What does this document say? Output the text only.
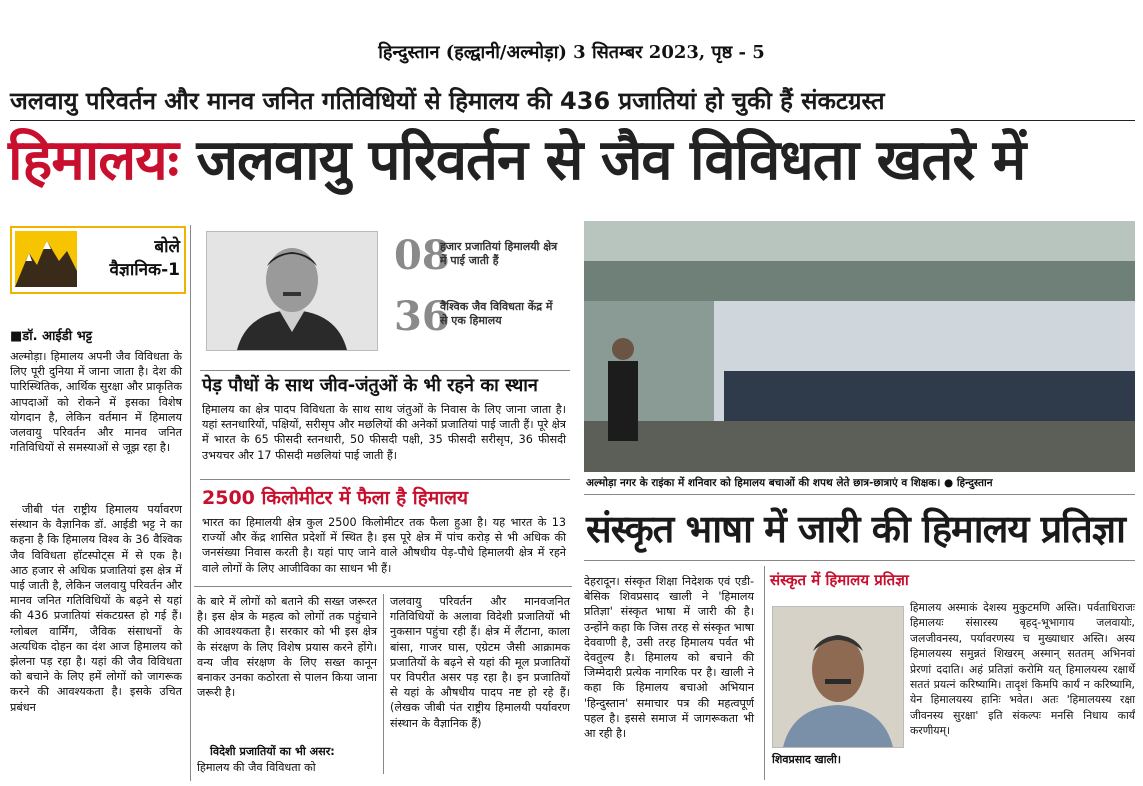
हिन्दुस्तान (हल्द्वानी/अल्मोड़ा) 3 सितम्बर 2023, पृष्ठ - 5
जलवायु परिवर्तन और मानव जनित गतिविधियों से हिमालय की 436 प्रजातियां हो चुकी हैं संकटग्रस्त
हिमालयः जलवायु परिवर्तन से जैव विविधता खतरे में
बोले
वैज्ञानिक-1
■डॉ. आईडी भट्ट
अल्मोड़ा। हिमालय अपनी जैव विविधता के लिए पूरी दुनिया में जाना जाता है। देश की पारिस्थितिक, आर्थिक सुरक्षा और प्राकृतिक आपदाओं को रोकने में इसका विशेष योगदान है, लेकिन वर्तमान में हिमालय जलवायु परिवर्तन और मानव जनित गतिविधियों से समस्याओं से जूझ रहा है।
जीबी पंत राष्ट्रीय हिमालय पर्यावरण संस्थान के वैज्ञानिक डॉ. आईडी भट्ट ने का कहना है कि हिमालय विश्व के 36 वैश्विक जैव विविधता हॉटस्पोट्स में से एक है। आठ हजार से अधिक प्रजातियां इस क्षेत्र में पाई जाती है, लेकिन जलवायु परिवर्तन और मानव जनित गतिविधियों के बढ़ने से यहां की 436 प्रजातियां संकटग्रस्त हो गई हैं। ग्लोबल वार्मिंग, जैविक संसाधनों के अत्यधिक दोहन का दंश आज हिमालय को झेलना पड़ रहा है। यहां की जैव विविधता को बचाने के लिए हमें लोगों को जागरूक करने की आवश्यकता है। इसके उचित प्रबंधन
08
हजार प्रजातियां हिमालयी क्षेत्र में पाई जाती हैं
36
वैश्विक जैव विविधता केंद्र में से एक हिमालय
पेड़ पौधों के साथ जीव-जंतुओं के भी रहने का स्थान
हिमालय का क्षेत्र पादप विविधता के साथ साथ जंतुओं के निवास के लिए जाना जाता है। यहां स्तनधारियों, पक्षियों, सरीसृप और मछलियों की अनेकों प्रजातियां पाई जाती हैं। पूरे क्षेत्र में भारत के 65 फीसदी स्तनधारी, 50 फीसदी पक्षी, 35 फीसदी सरीसृप, 36 फीसदी उभयचर और 17 फीसदी मछलियां पाई जाती हैं।
2500 किलोमीटर में फैला है हिमालय
भारत का हिमालयी क्षेत्र कुल 2500 किलोमीटर तक फैला हुआ है। यह भारत के 13 राज्यों और केंद्र शासित प्रदेशों में स्थित है। इस पूरे क्षेत्र में पांच करोड़ से भी अधिक की जनसंख्या निवास करती है। यहां पाए जाने वाले औषधीय पेड़-पौधे हिमालयी क्षेत्र में रहने वाले लोगों के लिए आजीविका का साधन भी हैं।
के बारे में लोगों को बताने की सख्त जरूरत है। इस क्षेत्र के महत्व को लोगों तक पहुंचाने की आवश्यकता है। सरकार को भी इस क्षेत्र के संरक्षण के लिए विशेष प्रयास करने होंगे। वन्य जीव संरक्षण के लिए सख्त कानून बनाकर उनका कठोरता से पालन किया जाना जरूरी है।
विदेशी प्रजातियों का भी असर:
हिमालय की जैव विविधता को
जलवायु परिवर्तन और मानवजनित गतिविधियों के अलावा विदेशी प्रजातियों भी नुकसान पहुंचा रही हैं। क्षेत्र में लैंटाना, काला बांसा, गाजर घास, एग्रेटम जैसी आक्रामक प्रजातियों के बढ़ने से यहां की मूल प्रजातियों पर विपरीत असर पड़ रहा है। इन प्रजातियों से यहां के औषधीय पादप नष्ट हो रहे हैं। (लेखक जीबी पंत राष्ट्रीय हिमालयी पर्यावरण संस्थान के वैज्ञानिक हैं)
अल्मोड़ा नगर के राइंका में शनिवार को हिमालय बचाओं की शपथ लेते छात्र-छात्राएं व शिक्षक। ● हिन्दुस्तान
संस्कृत भाषा में जारी की हिमालय प्रतिज्ञा
देहरादून। संस्कृत शिक्षा निदेशक एवं एडी-बेसिक शिवप्रसाद खाली ने 'हिमालय प्रतिज्ञा' संस्कृत भाषा में जारी की है। उन्होंने कहा कि जिस तरह से संस्कृत भाषा देववाणी है, उसी तरह हिमालय पर्वत भी देवतुल्य है। हिमालय को बचाने की जिम्मेदारी प्रत्येक नागरिक पर है। खाली ने कहा कि हिमालय बचाओ अभियान 'हिन्दुस्तान' समाचार पत्र की महत्वपूर्ण पहल है। इससे समाज में जागरूकता भी आ रही है।
संस्कृत में हिमालय प्रतिज्ञा
शिवप्रसाद खाली।
हिमालय अस्माकं देशस्य मुकुटमणि अस्ति। पर्वताधिराजः हिमालयः संसारस्य बृहद्-भूभागाय जलवायोः, जलजीवनस्य, पर्यावरणस्य च मुख्याधार अस्ति। अस्य हिमालयस्य समुन्नतं शिखरम् अस्मान् सततम् अभिनवां प्रेरणां ददाति। अहं प्रतिज्ञां करोमि यत् हिमालयस्य रक्षार्थे सततं प्रयत्नं करिष्यामि। तादृशं किमपि कार्यं न करिष्यामि, येन हिमालयस्य हानिः भवेत। अतः 'हिमालयस्य रक्षा जीवनस्य सुरक्षा' इति संकल्पः मनसि निधाय कार्यं करणीयम्।
